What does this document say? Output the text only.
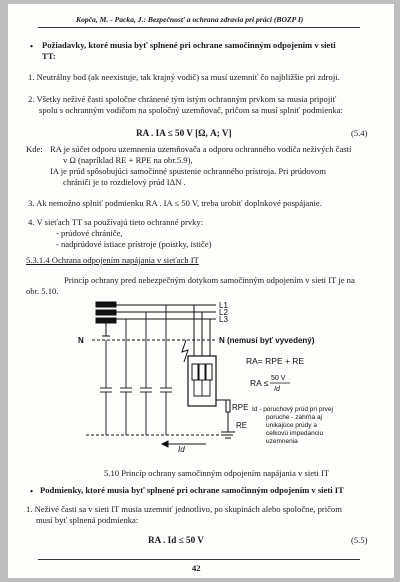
Kopča, M. - Packa, J.: Bezpečnosť a ochrana zdravia pri práci (BOZP I)
• Požiadavky, ktoré musia byť splnené pri ochrane samočinným odpojením v sieti
TT:
1. Neutrálny bod (ak neexistuje, tak krajný vodič) sa musí uzemniť čo najbližšie pri zdroji.
2. Všetky neživé časti spoločne chránené tým istým ochranným prvkom sa musia pripojiť
spolu s ochranným vodičom na spoločný uzemňovač, pričom sa musí splniť podmienka:
RA . IA ≤ 50 V [Ω, A; V]	(5.4)
Kde: RA je súčet odporu uzemnenia uzemňovača a odporu ochranného vodiča neživých častí
v Ω (napríklad RE + RPE na obr.5.9),
IA je prúd spôsobujúci samočinné spustenie ochranného prístroja. Pri prúdovom
chrániči je to rozdielový prúd IΔN .
3. Ak nemožno splniť podmienku RA . IA ≤ 50 V, treba urobiť doplnkové pospájanie.
4. V sieťach TT sa používajú tieto ochranné prvky:
- prúdové chrániče,
- nadprúdové istiace prístroje (poistky, ističe)
5.3.1.4 Ochrana odpojením napájania v sieťach IT
Princíp ochrany pred nebezpečným dotykom samočinným odpojením v sieti IT je na
obr. 5.10.
L1
L2
L3
N	N (nemusí byť vyvedený)
RPE
RE
Id
RA= RPE + RE
RA ≤ 50 V
Id
Id - poruchový prúd pri prvej
poruche - zahŕňa aj
unikajúce prúdy a
celkovú impedanciu
uzemnenia
5.10 Princíp ochrany samočinným odpojením napájania v sieti IT
• Podmienky, ktoré musia byť splnené pri ochrane samočinným odpojením v sieti IT
1. Neživé časti sa v sieti IT musia uzemniť jednotlivo, po skupinách alebo spoločne, pričom
musí byť splnená podmienka:
RA . Id ≤ 50 V	(5.5)
42
